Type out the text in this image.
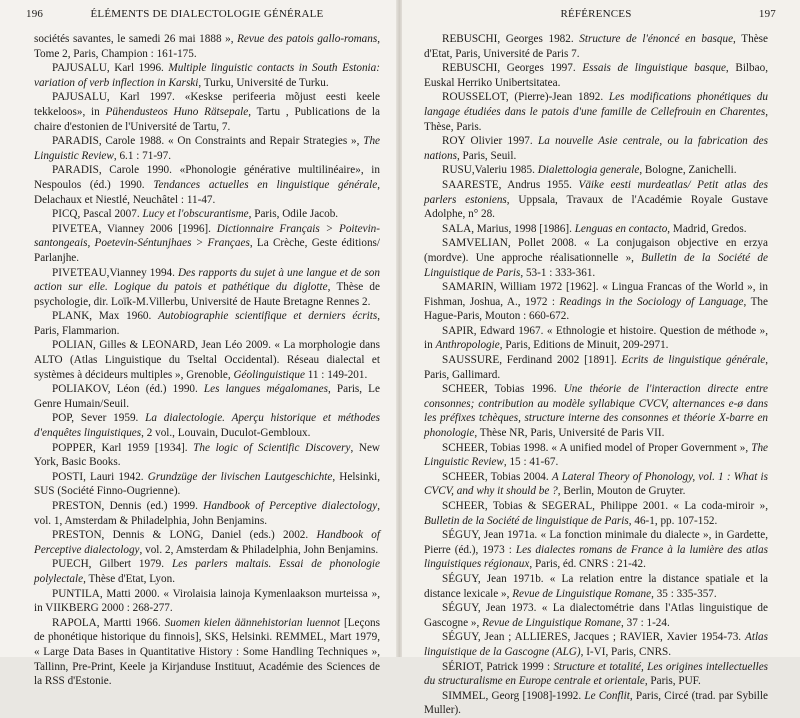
196	ÉLÉMENTS DE DIALECTOLOGIE GÉNÉRALE

sociétés savantes, le samedi 26 mai 1888 », Revue des patois gallo-romans, Tome 2, Paris, Champion : 161-175.

PAJUSALU, Karl 1996. Multiple linguistic contacts in South Estonia: variation of verb inflection in Karski, Turku, Université de Turku.

PAJUSALU, Karl 1997. «Keskse perifeeria mõjust eesti keele tekkeloos», in Pühendusteos Huno Rätsepale, Tartu , Publications de la chaire d'estonien de l'Université de Tartu, 7.

PARADIS, Carole 1988. « On Constraints and Repair Strategies », The Linguistic Review, 6.1 : 71-97.

PARADIS, Carole 1990. «Phonologie générative multilinéaire», in Nespoulos (éd.) 1990. Tendances actuelles en linguistique générale, Delachaux et Niestlé, Neuchâtel : 11-47.

PICQ, Pascal 2007. Lucy et l'obscurantisme, Paris, Odile Jacob.

PIVETEA, Vianney 2006 [1996]. Dictionnaire Français > Poitevin-santongeais, Poetevin-Séntunjhaes > Françaes, La Crèche, Geste éditions/ Parlanjhe.

PIVETEAU,Vianney 1994. Des rapports du sujet à une langue et de son action sur elle. Logique du patois et pathétique du diglotte, Thèse de psychologie, dir. Loïk-M.Villerbu, Université de Haute Bretagne Rennes 2.

PLANK, Max 1960. Autobiographie scientifique et derniers écrits, Paris, Flammarion.

POLIAN, Gilles & LEONARD, Jean Léo 2009. « La morphologie dans ALTO (Atlas Linguistique du Tseltal Occidental). Réseau dialectal et systèmes à décideurs multiples », Grenoble, Géolinguistique 11 : 149-201.

POLIAKOV, Léon (éd.) 1990. Les langues mégalomanes, Paris, Le Genre Humain/Seuil.

POP, Sever 1959. La dialectologie. Aperçu historique et méthodes d'enquêtes linguistiques, 2 vol., Louvain, Duculot-Gembloux.

POPPER, Karl 1959 [1934]. The logic of Scientific Discovery, New York, Basic Books.

POSTI, Lauri 1942. Grundzüge der livischen Lautgeschichte, Helsinki, SUS (Société Finno-Ougrienne).

PRESTON, Dennis (ed.) 1999. Handbook of Perceptive dialectology, vol. 1, Amsterdam & Philadelphia, John Benjamins.

PRESTON, Dennis & LONG, Daniel (eds.) 2002. Handbook of Perceptive dialectology, vol. 2, Amsterdam & Philadelphia, John Benjamins.

PUECH, Gilbert 1979. Les parlers maltais. Essai de phonologie polylectale, Thèse d'Etat, Lyon.

PUNTILA, Matti 2000. « Virolaisia lainoja Kymenlaakson murteissa », in VIIKBERG 2000 : 268-277.

RAPOLA, Martti 1966. Suomen kielen äännehistorian luennot [Leçons de phonétique historique du finnois], SKS, Helsinki. REMMEL, Mart 1979, « Large Data Bases in Quantitative History : Some Handling Techniques », Tallinn, Pre-Print, Keele ja Kirjanduse Instituut, Académie des Sciences de la RSS d'Estonie.

RÉFÉRENCES	197

REBUSCHI, Georges 1982. Structure de l'énoncé en basque, Thèse d'Etat, Paris, Université de Paris 7.

REBUSCHI, Georges 1997. Essais de linguistique basque, Bilbao, Euskal Herriko Unibertsitatea.

ROUSSELOT, (Pierre)-Jean 1892. Les modifications phonétiques du langage étudiées dans le patois d'une famille de Cellefrouin en Charentes, Thèse, Paris.

ROY Olivier 1997. La nouvelle Asie centrale, ou la fabrication des nations, Paris, Seuil.

RUSU,Valeriu 1985. Dialettologia generale, Bologne, Zanichelli.

SAARESTE, Andrus 1955. Väike eesti murdeatlas/ Petit atlas des parlers estoniens, Uppsala, Travaux de l'Académie Royale Gustave Adolphe, n° 28.

SALA, Marius, 1998 [1986]. Lenguas en contacto, Madrid, Gredos.

SAMVELIAN, Pollet 2008. « La conjugaison objective en erzya (mordve). Une approche réalisationnelle », Bulletin de la Société de Linguistique de Paris, 53-1 : 333-361.

SAMARIN, William 1972 [1962]. « Lingua Francas of the World », in Fishman, Joshua, A., 1972 : Readings in the Sociology of Language, The Hague-Paris, Mouton : 660-672.

SAPIR, Edward 1967. « Ethnologie et histoire. Question de méthode », in Anthropologie, Paris, Editions de Minuit, 209-2971.

SAUSSURE, Ferdinand 2002 [1891]. Ecrits de linguistique générale, Paris, Gallimard.

SCHEER, Tobias 1996. Une théorie de l'interaction directe entre consonnes; contribution au modèle syllabique CVCV, alternances e-ø dans les préfixes tchèques, structure interne des consonnes et théorie X-barre en phonologie, Thèse NR, Paris, Université de Paris VII.

SCHEER, Tobias 1998. « A unified model of Proper Government », The Linguistic Review, 15 : 41-67.

SCHEER, Tobias 2004. A Lateral Theory of Phonology, vol. 1 : What is CVCV, and why it should be ?, Berlin, Mouton de Gruyter.

SCHEER, Tobias & SEGERAL, Philippe 2001. « La coda-miroir », Bulletin de la Société de linguistique de Paris, 46-1, pp. 107-152.

SÉGUY, Jean 1971a. « La fonction minimale du dialecte », in Gardette, Pierre (éd.), 1973 : Les dialectes romans de France à la lumière des atlas linguistiques régionaux, Paris, éd. CNRS : 21-42.

SÉGUY, Jean 1971b. « La relation entre la distance spatiale et la distance lexicale », Revue de Linguistique Romane, 35 : 335-357.

SÉGUY, Jean 1973. « La dialectométrie dans l'Atlas linguistique de Gascogne », Revue de Linguistique Romane, 37 : 1-24.

SÉGUY, Jean ; ALLIERES, Jacques ; RAVIER, Xavier 1954-73. Atlas linguistique de la Gascogne (ALG), I-VI, Paris, CNRS.

SÉRIOT, Patrick 1999 : Structure et totalité, Les origines intellectuelles du structuralisme en Europe centrale et orientale, Paris, PUF.

SIMMEL, Georg [1908]-1992. Le Conflit, Paris, Circé (trad. par Sybille Muller).
